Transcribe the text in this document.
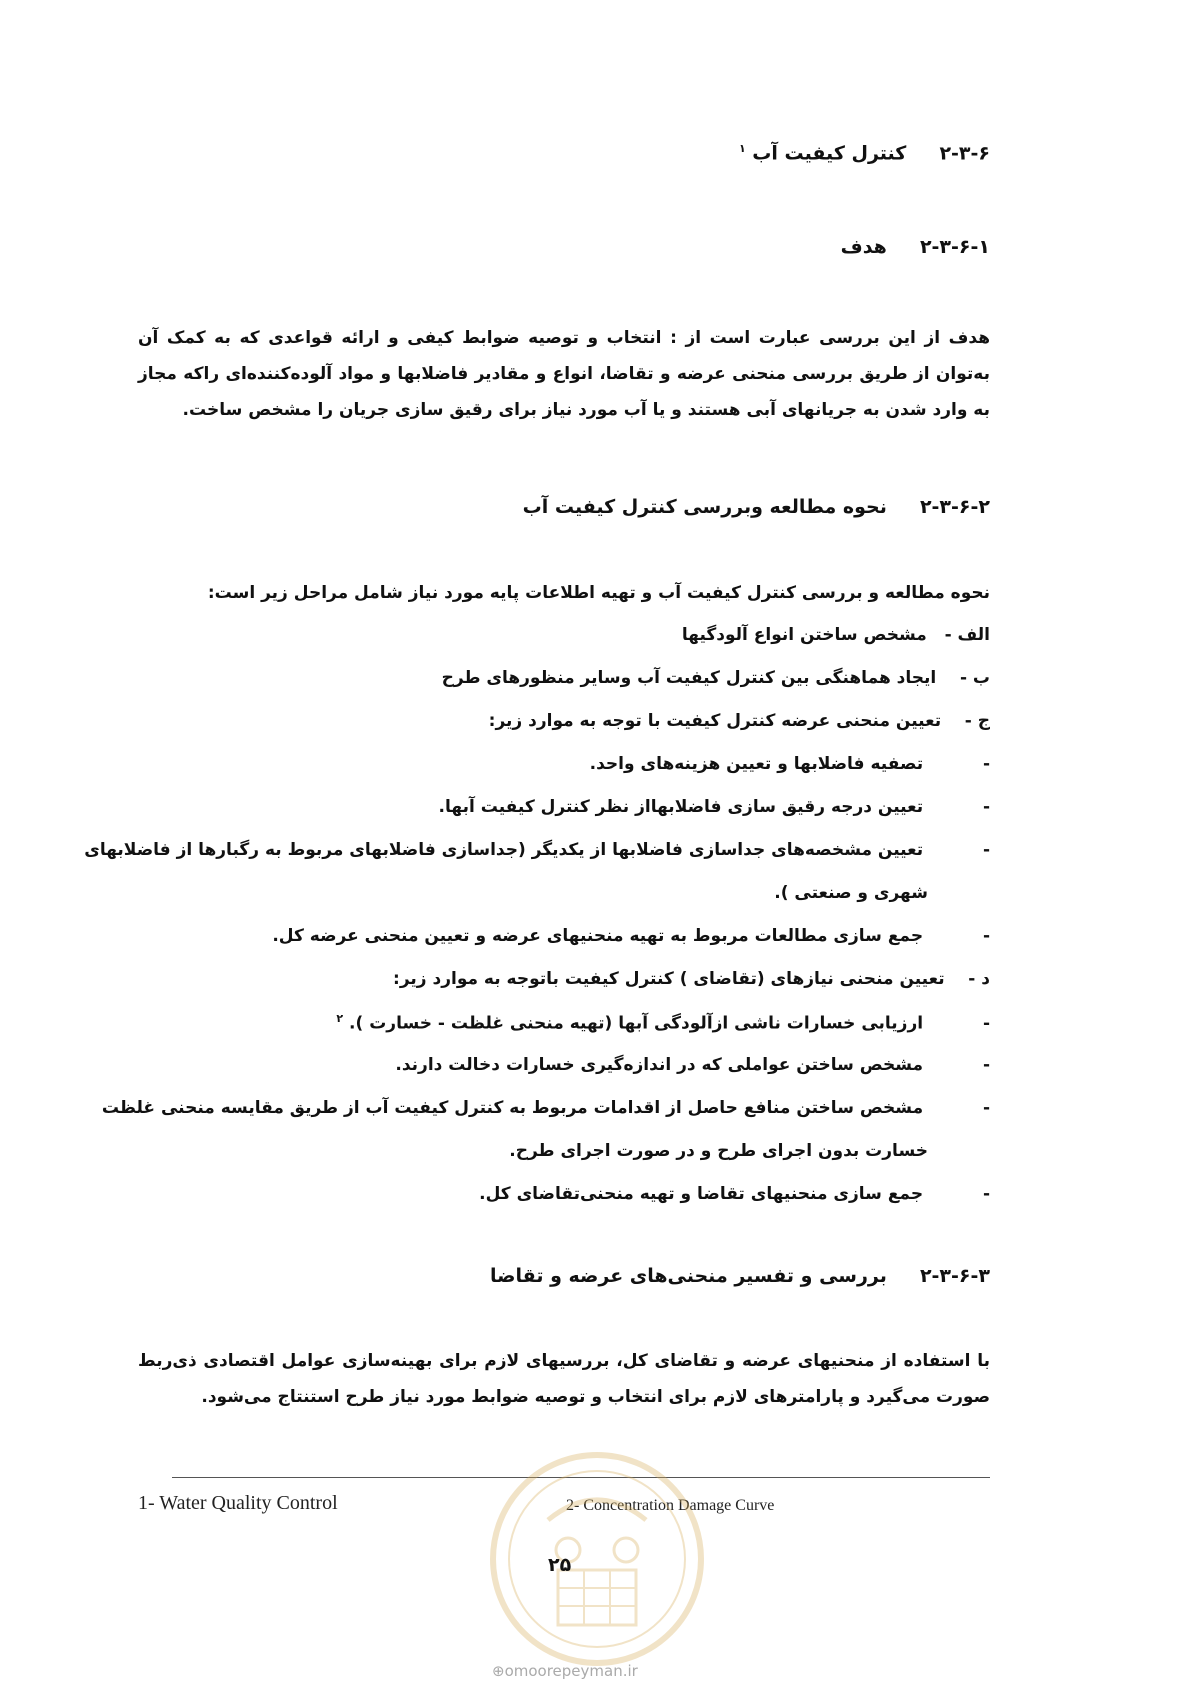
۲-۳-۶     کنترل کیفیت آب $^۱$
۲-۳-۶-۱     هدف
هدف از این بررسی عبارت است از : انتخاب و توصیه ضوابط کیفی و ارائه قواعدی که به کمک آن به‌توان از طریق بررسی منحنی عرضه و تقاضا، انواع و مقادیر فاضلابها و مواد آلوده‌کننده‌ای راکه مجاز به وارد شدن به جریانهای آبی هستند و یا آب مورد نیاز برای رقیق سازی جریان را مشخص ساخت.
۲-۳-۶-۲     نحوه مطالعه وبررسی کنترل کیفیت آب
نحوه مطالعه و بررسی کنترل کیفیت آب و تهیه اطلاعات پایه مورد نیاز شامل مراحل زیر است:
الف -   مشخص ساختن انواع آلودگیها
ب -    ایجاد هماهنگی بین کنترل کیفیت آب وسایر منظورهای طرح
ج -    تعیین منحنی عرضه کنترل کیفیت با توجه به موارد زیر:
-  تصفیه فاضلابها و تعیین هزینه‌های واحد.
-  تعیین درجه رقیق سازی فاضلابهااز نظر کنترل کیفیت آبها.
-  تعیین مشخصه‌های جداسازی فاضلابها از یکدیگر (جداسازی فاضلابهای مربوط به رگبارها از فاضلابهای
شهری و صنعتی ).
-  جمع سازی مطالعات مربوط به تهیه منحنیهای عرضه و تعیین منحنی عرضه کل.
د -    تعیین منحنی نیازهای (تقاضای ) کنترل کیفیت باتوجه به موارد زیر:
-  ارزیابی خسارات ناشی ازآلودگی آبها (تهیه منحنی غلظت - خسارت ). $^۲$
-  مشخص ساختن عواملی که در اندازه‌گیری خسارات دخالت دارند.
-  مشخص ساختن منافع حاصل از اقدامات مربوط به کنترل کیفیت آب از طریق مقایسه منحنی غلظت
خسارت بدون اجرای طرح و در صورت اجرای طرح.
-  جمع سازی منحنیهای تقاضا و تهیه منحنی‌تقاضای کل.
۲-۳-۶-۳     بررسی و تفسیر منحنی‌های عرضه و تقاضا
با استفاده از منحنیهای عرضه و تقاضای کل، بررسیهای لازم برای بهینه‌سازی عوامل اقتصادی ذی‌ربط صورت می‌گیرد و پارامترهای لازم برای انتخاب و توصیه ضوابط مورد نیاز طرح استنتاج می‌شود.
1- Water Quality Control	2- Concentration Damage Curve
۲۵
⊕omoorepeyman.ir
